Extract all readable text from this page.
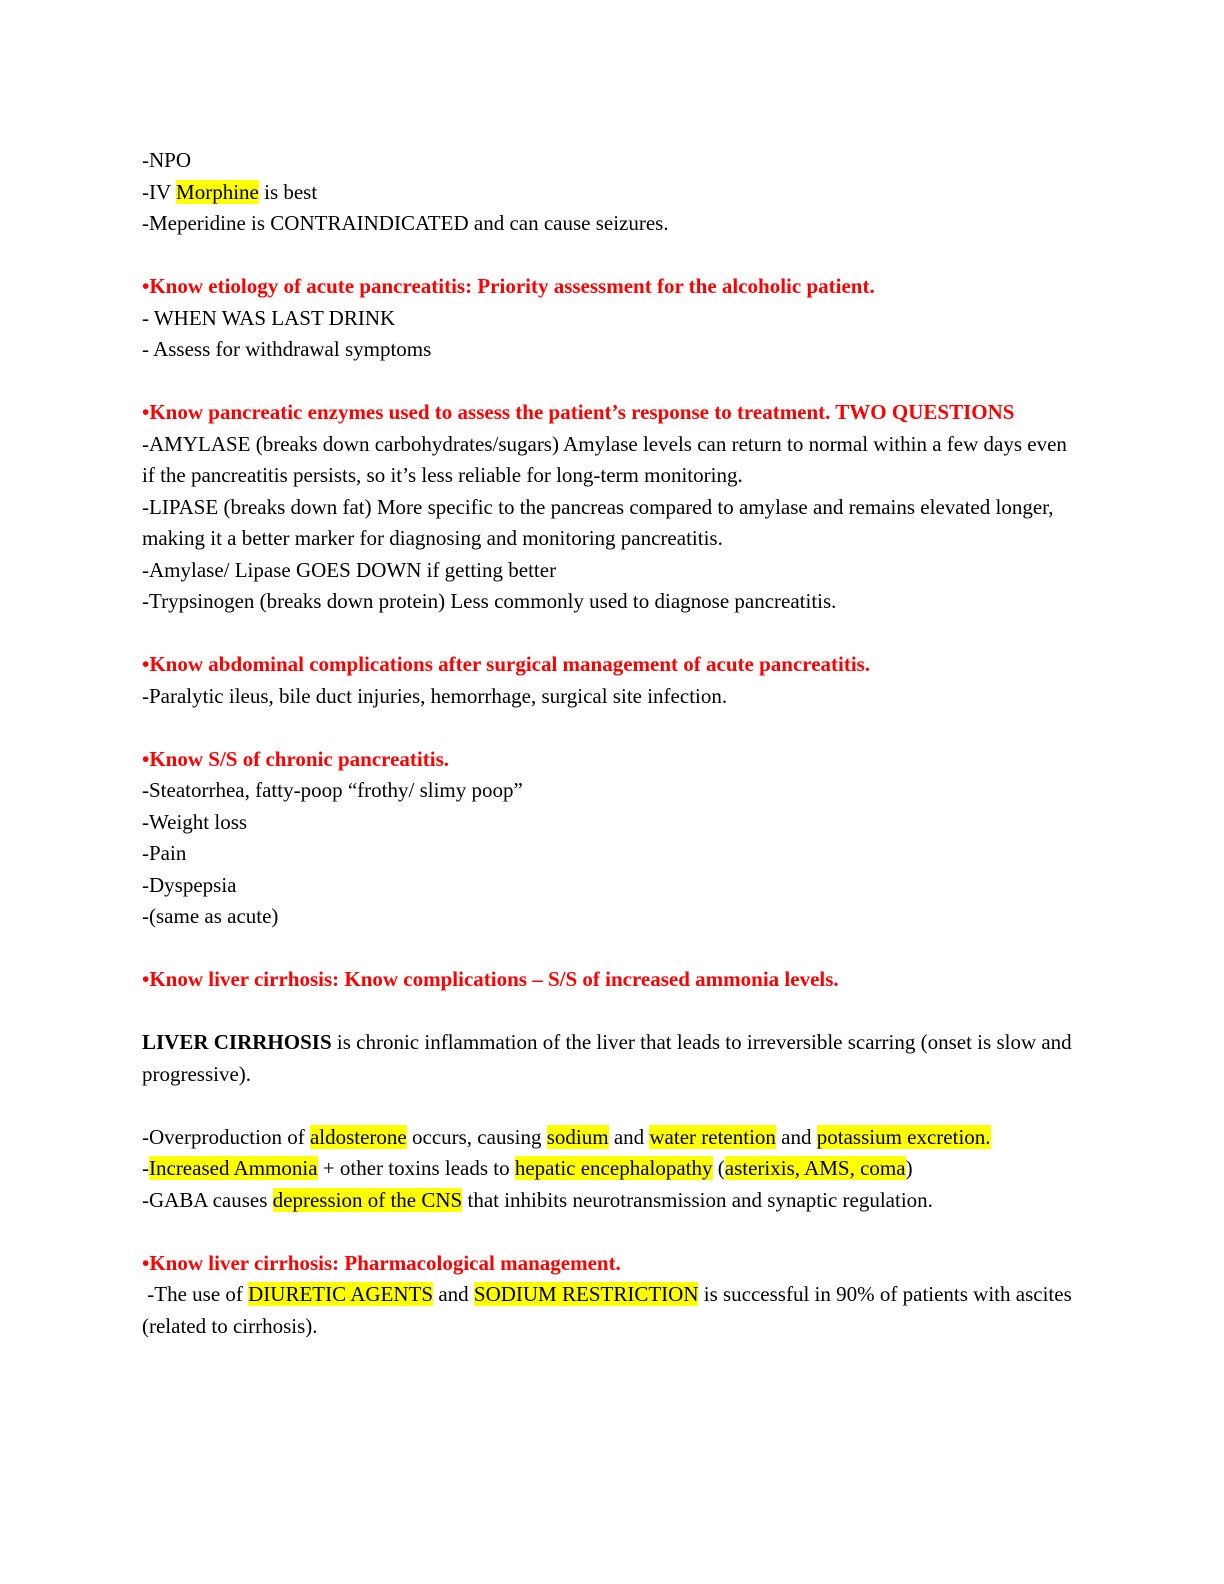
-NPO
-IV Morphine is best
-Meperidine is CONTRAINDICATED and can cause seizures.
•Know etiology of acute pancreatitis: Priority assessment for the alcoholic patient.
- WHEN WAS LAST DRINK
- Assess for withdrawal symptoms
•Know pancreatic enzymes used to assess the patient’s response to treatment. TWO QUESTIONS
-AMYLASE (breaks down carbohydrates/sugars) Amylase levels can return to normal within a few days even if the pancreatitis persists, so it’s less reliable for long-term monitoring.
-LIPASE (breaks down fat) More specific to the pancreas compared to amylase and remains elevated longer, making it a better marker for diagnosing and monitoring pancreatitis.
-Amylase/ Lipase GOES DOWN if getting better
-Trypsinogen (breaks down protein) Less commonly used to diagnose pancreatitis.
•Know abdominal complications after surgical management of acute pancreatitis.
-Paralytic ileus, bile duct injuries, hemorrhage, surgical site infection.
•Know S/S of chronic pancreatitis.
-Steatorrhea, fatty-poop “frothy/ slimy poop”
-Weight loss
-Pain
-Dyspepsia
-(same as acute)
•Know liver cirrhosis: Know complications – S/S of increased ammonia levels.
LIVER CIRRHOSIS is chronic inflammation of the liver that leads to irreversible scarring (onset is slow and progressive).
-Overproduction of aldosterone occurs, causing sodium and water retention and potassium excretion.
-Increased Ammonia + other toxins leads to hepatic encephalopathy (asterixis, AMS, coma)
-GABA causes depression of the CNS that inhibits neurotransmission and synaptic regulation.
•Know liver cirrhosis: Pharmacological management.
-The use of DIURETIC AGENTS and SODIUM RESTRICTION is successful in 90% of patients with ascites (related to cirrhosis).
